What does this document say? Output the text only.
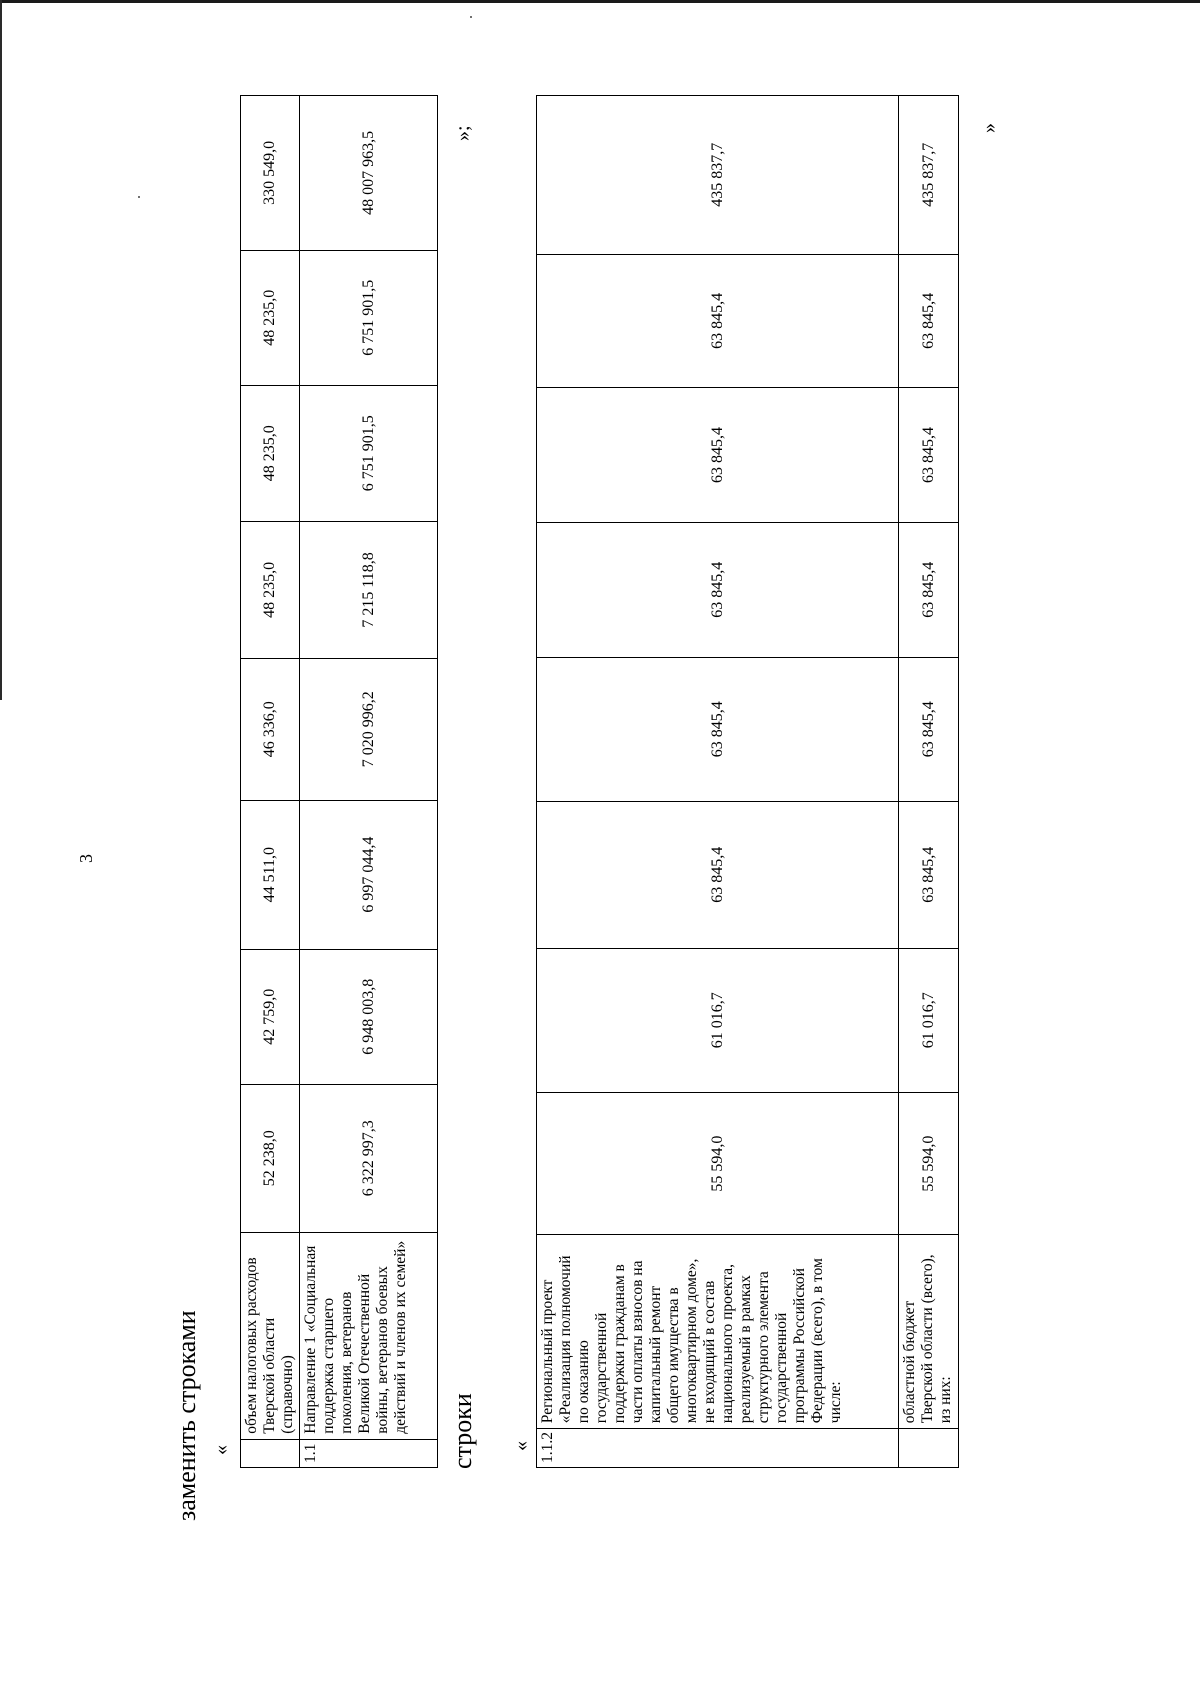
3
заменить строками «
	объем налоговых расходов Тверской области (справочно)	52 238,0	42 759,0	44 511,0	46 336,0	48 235,0	48 235,0	48 235,0	330 549,0
1.1	Направление 1 «Социальная поддержка старшего поколения, ветеранов Великой Отечественной войны, ветеранов боевых действий и членов их семей»	6 322 997,3	6 948 003,8	6 997 044,4	7 020 996,2	7 215 118,8	6 751 901,5	6 751 901,5	48 007 963,5	»;
строки « 1.1.2	Региональный проект «Реализация полномочий по оказанию государственной поддержки гражданам в части оплаты взносов на капитальный ремонт общего имущества в многоквартирном доме», не входящий в состав национального проекта, реализуемый в рамках структурного элемента государственной программы Российской Федерации (всего), в том числе:	55 594,0	61 016,7	63 845,4	63 845,4	63 845,4	63 845,4	63 845,4	435 837,7
	областной бюджет Тверской области (всего), из них:	55 594,0	61 016,7	63 845,4	63 845,4	63 845,4	63 845,4	63 845,4	435 837,7
»
